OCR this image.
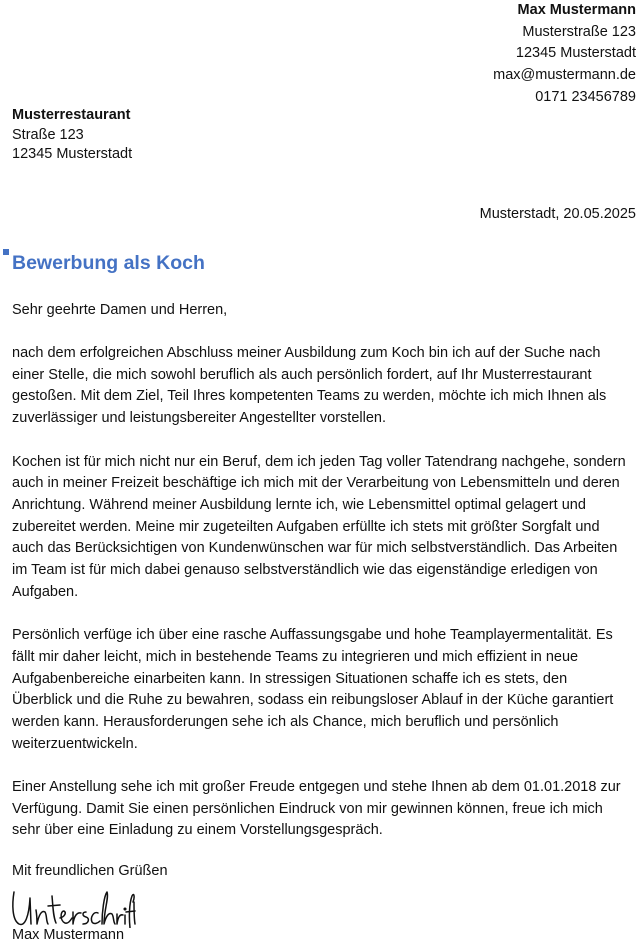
Max Mustermann
Musterstraße 123
12345 Musterstadt
max@mustermann.de
0171 23456789
Musterrestaurant
Straße 123
12345 Musterstadt
Musterstadt, 20.05.2025
Bewerbung als Koch

Sehr geehrte Damen und Herren,

nach dem erfolgreichen Abschluss meiner Ausbildung zum Koch bin ich auf der Suche nach einer Stelle, die mich sowohl beruflich als auch persönlich fordert, auf Ihr Musterrestaurant gestoßen. Mit dem Ziel, Teil Ihres kompetenten Teams zu werden, möchte ich mich Ihnen als zuverlässiger und leistungsbereiter Angestellter vorstellen.

Kochen ist für mich nicht nur ein Beruf, dem ich jeden Tag voller Tatendrang nachgehe, sondern auch in meiner Freizeit beschäftige ich mich mit der Verarbeitung von Lebensmitteln und deren Anrichtung. Während meiner Ausbildung lernte ich, wie Lebensmittel optimal gelagert und zubereitet werden. Meine mir zugeteilten Aufgaben erfüllte ich stets mit größter Sorgfalt und auch das Berücksichtigen von Kundenwünschen war für mich selbstverständlich. Das Arbeiten im Team ist für mich dabei genauso selbstverständlich wie das eigenständige erledigen von Aufgaben.

Persönlich verfüge ich über eine rasche Auffassungsgabe und hohe Teamplayermentalität. Es fällt mir daher leicht, mich in bestehende Teams zu integrieren und mich effizient in neue Aufgabenbereiche einarbeiten kann. In stressigen Situationen schaffe ich es stets, den Überblick und die Ruhe zu bewahren, sodass ein reibungsloser Ablauf in der Küche garantiert werden kann. Herausforderungen sehe ich als Chance, mich beruflich und persönlich weiterzuentwickeln.

Einer Anstellung sehe ich mit großer Freude entgegen und stehe Ihnen ab dem 01.01.2018 zur Verfügung. Damit Sie einen persönlichen Eindruck von mir gewinnen können, freue ich mich sehr über eine Einladung zu einem Vorstellungsgespräch.

Mit freundlichen Grüßen

Max Mustermann
